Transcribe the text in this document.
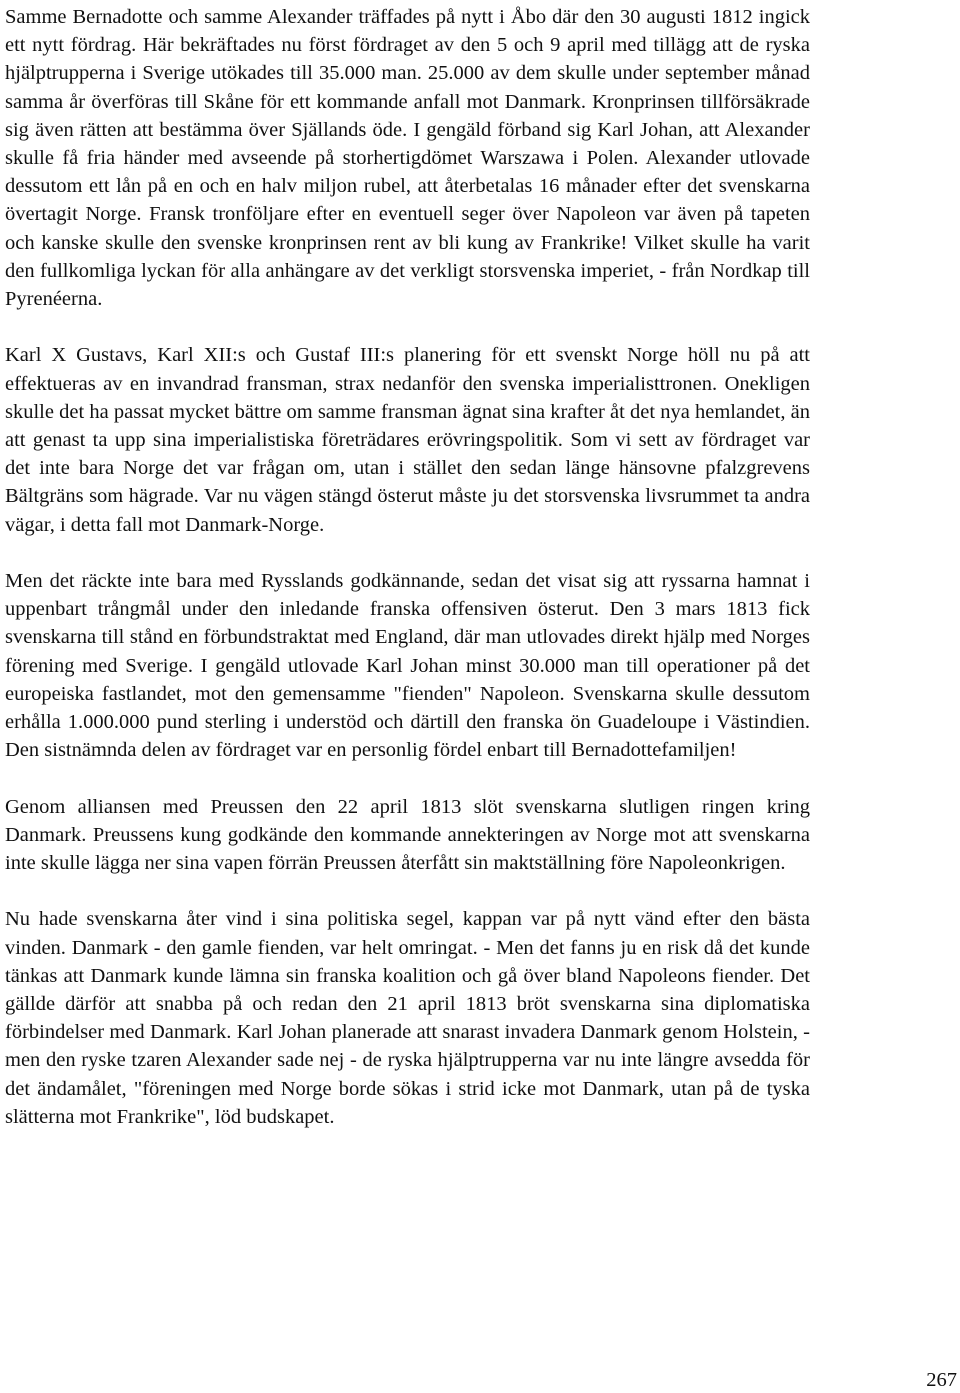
Samme Bernadotte och samme Alexander träffades på nytt i Åbo där den 30 augusti 1812 ingick ett nytt fördrag. Här bekräftades nu först fördraget av den 5 och 9 april med tillägg att de ryska hjälptrupperna i Sverige utökades till 35.000 man. 25.000 av dem skulle under september månad samma år överföras till Skåne för ett kommande anfall mot Danmark. Kronprinsen tillförsäkrade sig även rätten att bestämma över Själlands öde. I gengäld förband sig Karl Johan, att Alexander skulle få fria händer med avseende på storhertigdömet Warszawa i Polen. Alexander utlovade dessutom ett lån på en och en halv miljon rubel, att återbetalas 16 månader efter det svenskarna övertagit Norge. Fransk tronföljare efter en eventuell seger över Napoleon var även på tapeten och kanske skulle den svenske kronprinsen rent av bli kung av Frankrike! Vilket skulle ha varit den fullkomliga lyckan för alla anhängare av det verkligt storsvenska imperiet, - från Nordkap till Pyrenéerna.

Karl X Gustavs, Karl XII:s och Gustaf III:s planering för ett svenskt Norge höll nu på att effektueras av en invandrad fransman, strax nedanför den svenska imperialisttronen. Onekligen skulle det ha passat mycket bättre om samme fransman ägnat sina krafter åt det nya hemlandet, än att genast ta upp sina imperialistiska företrädares erövringspolitik. Som vi sett av fördraget var det inte bara Norge det var frågan om, utan i stället den sedan länge hänsovne pfalzgrevens Bältgräns som hägrade. Var nu vägen stängd österut måste ju det storsvenska livsrummet ta andra vägar, i detta fall mot Danmark-Norge.

Men det räckte inte bara med Rysslands godkännande, sedan det visat sig att ryssarna hamnat i uppenbart trångmål under den inledande franska offensiven österut. Den 3 mars 1813 fick svenskarna till stånd en förbundstraktat med England, där man utlovades direkt hjälp med Norges förening med Sverige. I gengäld utlovade Karl Johan minst 30.000 man till operationer på det europeiska fastlandet, mot den gemensamme "fienden" Napoleon. Svenskarna skulle dessutom erhålla 1.000.000 pund sterling i understöd och därtill den franska ön Guadeloupe i Västindien. Den sistnämnda delen av fördraget var en personlig fördel enbart till Bernadottefamiljen!

Genom alliansen med Preussen den 22 april 1813 slöt svenskarna slutligen ringen kring Danmark. Preussens kung godkände den kommande annekteringen av Norge mot att svenskarna inte skulle lägga ner sina vapen förrän Preussen återfått sin maktställning före Napoleonkrigen.

Nu hade svenskarna åter vind i sina politiska segel, kappan var på nytt vänd efter den bästa vinden. Danmark - den gamle fienden, var helt omringat. - Men det fanns ju en risk då det kunde tänkas att Danmark kunde lämna sin franska koalition och gå över bland Napoleons fiender. Det gällde därför att snabba på och redan den 21 april 1813 bröt svenskarna sina diplomatiska förbindelser med Danmark. Karl Johan planerade att snarast invadera Danmark genom Holstein, - men den ryske tzaren Alexander sade nej - de ryska hjälptrupperna var nu inte längre avsedda för det ändamålet, "föreningen med Norge borde sökas i strid icke mot Danmark, utan på de tyska slätterna mot Frankrike", löd budskapet.

267
